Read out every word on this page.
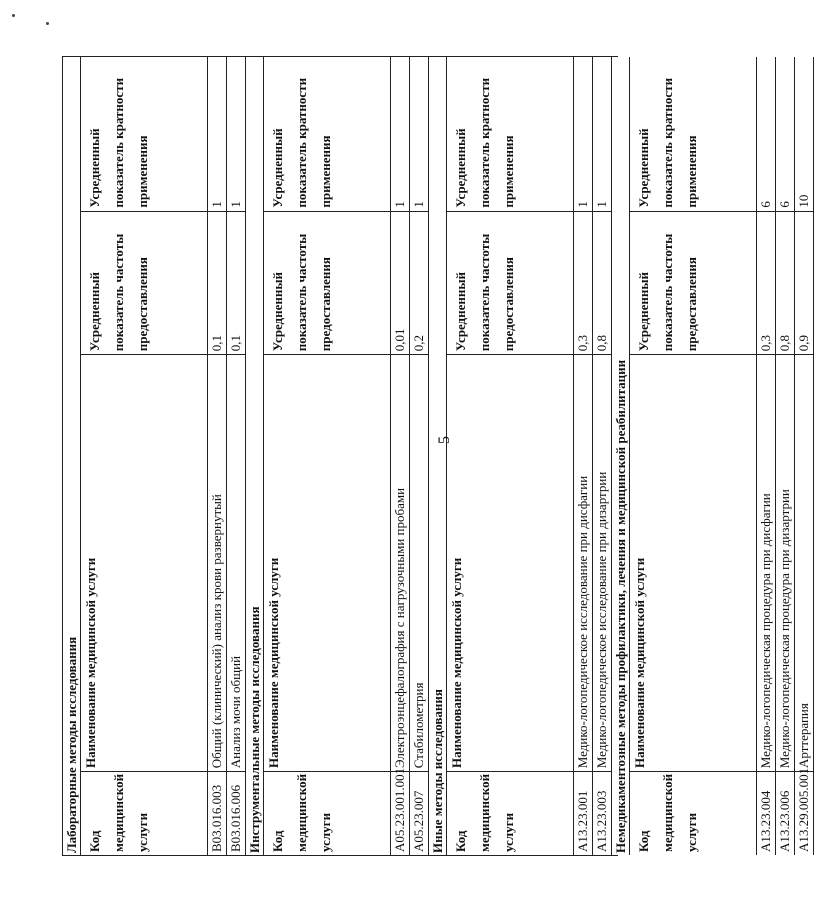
5
Лабораторные методы исследования Код медицинской услуги
Наименование медицинской услуги
Усредненный показатель частоты предоставления
Усредненный показатель кратности применения
B03.016.003
Общий (клинический) анализ крови развернутый
0,1
1
B03.016.006
Анализ мочи общий
0,1
1
Инструментальные методы исследования Код медицинской услуги
Наименование медицинской услуги
Усредненный показатель частоты предоставления
Усредненный показатель кратности применения
A05.23.001.001
Электроэнцефалография с нагрузочными пробами
0,01
1
A05.23.007
Стабилометрия
0,2
1
Иные методы исследования Код медицинской услуги
Наименование медицинской услуги
Усредненный показатель частоты предоставления
Усредненный показатель кратности применения
A13.23.001
Медико-логопедическое исследование при дисфагии
0,3
1
A13.23.003
Медико-логопедическое исследование при дизартрии
0,8
1
Немедикаментозные методы профилактики, лечения и медицинской реабилитации Код медицинской услуги
Наименование медицинской услуги
Усредненный показатель частоты предоставления
Усредненный показатель кратности применения
A13.23.004
Медико-логопедическая процедура при дисфагии
0,3
6
A13.23.006
Медико-логопедическая процедура при дизартрии
0,8
6
A13.29.005.001
Арттерапия
0,9
10
